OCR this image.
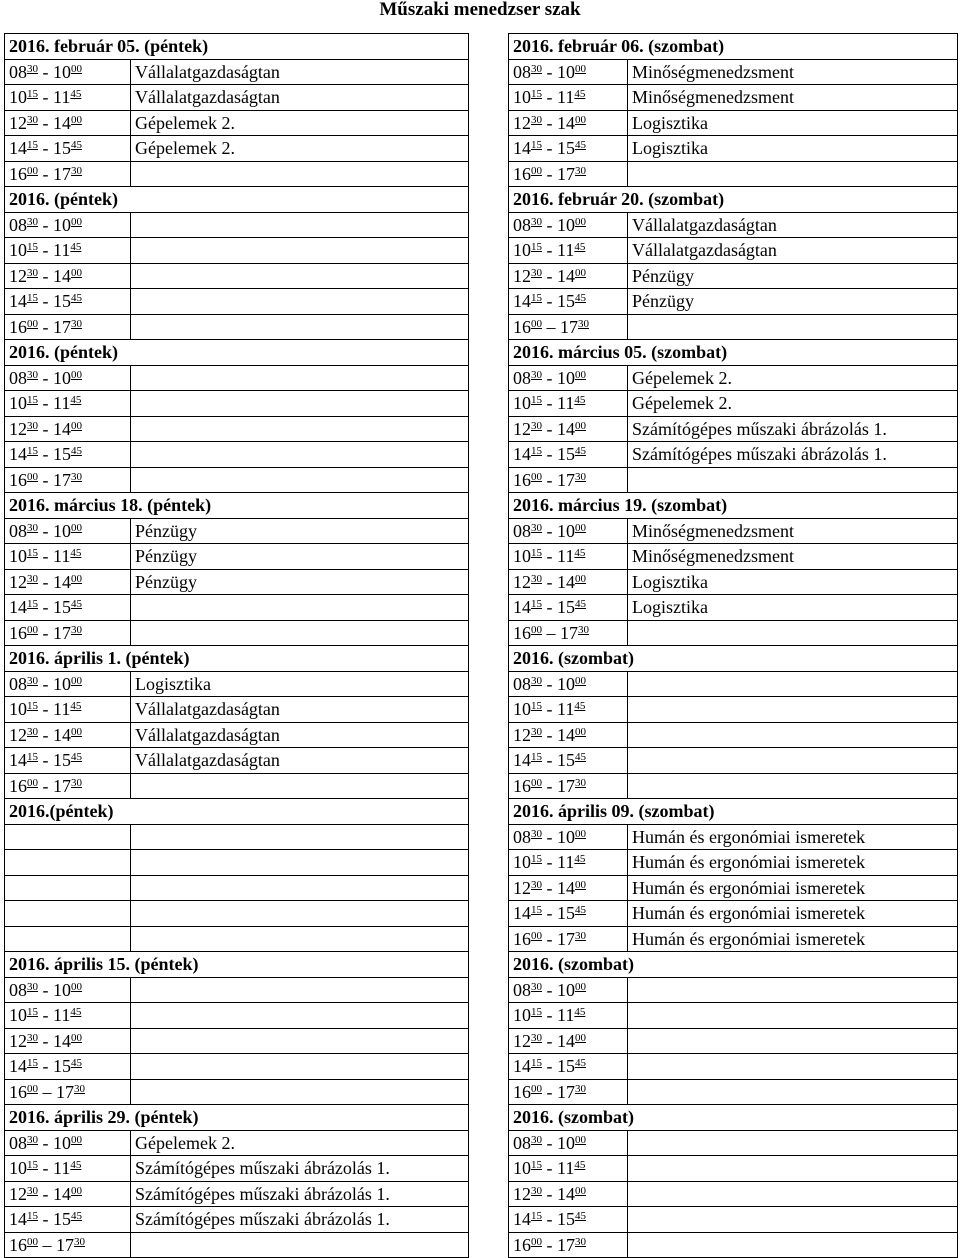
Műszaki menedzser szak
2016. február 05. (péntek)	
$08^{30} - 10^{00}$	Vállalatgazdaságtan
$10^{15} - 11^{45}$	Vállalatgazdaságtan
$12^{30} - 14^{00}$	Gépelemek 2.
$14^{15} - 15^{45}$	Gépelemek 2.
$16^{00} - 17^{30}$	
2016. (péntek)	
$08^{30} - 10^{00}$	
$10^{15} - 11^{45}$	
$12^{30} - 14^{00}$	
$14^{15} - 15^{45}$	
$16^{00} - 17^{30}$	
2016. (péntek)	
$08^{30} - 10^{00}$	
$10^{15} - 11^{45}$	
$12^{30} - 14^{00}$	
$14^{15} - 15^{45}$	
$16^{00} - 17^{30}$	
2016. március 18. (péntek)	
$08^{30} - 10^{00}$	Pénzügy
$10^{15} - 11^{45}$	Pénzügy
$12^{30} - 14^{00}$	Pénzügy
$14^{15} - 15^{45}$	
$16^{00} - 17^{30}$	
2016. április 1. (péntek)	
$08^{30} - 10^{00}$	Logisztika
$10^{15} - 11^{45}$	Vállalatgazdaságtan
$12^{30} - 14^{00}$	Vállalatgazdaságtan
$14^{15} - 15^{45}$	Vállalatgazdaságtan
$16^{00} - 17^{30}$	
2016.(péntek)	

2016. április 15. (péntek)	
$08^{30} - 10^{00}$	
$10^{15} - 11^{45}$	
$12^{30} - 14^{00}$	
$14^{15} - 15^{45}$	
$16^{00} - 17^{30}$	
2016. április 29. (péntek)	
$08^{30} - 10^{00}$	Gépelemek 2.
$10^{15} - 11^{45}$	Számítógépes műszaki ábrázolás 1.
$12^{30} - 14^{00}$	Számítógépes műszaki ábrázolás 1.
$14^{15} - 15^{45}$	Számítógépes műszaki ábrázolás 1.
$16^{00} - 17^{30}$	
2016. február 06. (szombat)	
$08^{30} - 10^{00}$	Minőségmenedzsment
$10^{15} - 11^{45}$	Minőségmenedzsment
$12^{30} - 14^{00}$	Logisztika
$14^{15} - 15^{45}$	Logisztika
$16^{00} - 17^{30}$	
2016. február 20. (szombat)	
$08^{30} - 10^{00}$	Vállalatgazdaságtan
$10^{15} - 11^{45}$	Vállalatgazdaságtan
$12^{30} - 14^{00}$	Pénzügy
$14^{15} - 15^{45}$	Pénzügy
$16^{00} - 17^{30}$	
2016. március 05. (szombat)	
$08^{30} - 10^{00}$	Gépelemek 2.
$10^{15} - 11^{45}$	Gépelemek 2.
$12^{30} - 14^{00}$	Számítógépes műszaki ábrázolás 1.
$14^{15} - 15^{45}$	Számítógépes műszaki ábrázolás 1.
$16^{00} - 17^{30}$	
2016. március 19. (szombat)	
$08^{30} - 10^{00}$	Minőségmenedzsment
$10^{15} - 11^{45}$	Minőségmenedzsment
$12^{30} - 14^{00}$	Logisztika
$14^{15} - 15^{45}$	Logisztika
$16^{00} - 17^{30}$	
2016. (szombat)	
$08^{30} - 10^{00}$	
$10^{15} - 11^{45}$	
$12^{30} - 14^{00}$	
$14^{15} - 15^{45}$	
$16^{00} - 17^{30}$	
2016. április 09. (szombat)	
$08^{30} - 10^{00}$	Humán és ergonómiai ismeretek
$10^{15} - 11^{45}$	Humán és ergonómiai ismeretek
$12^{30} - 14^{00}$	Humán és ergonómiai ismeretek
$14^{15} - 15^{45}$	Humán és ergonómiai ismeretek
$16^{00} - 17^{30}$	Humán és ergonómiai ismeretek
2016. (szombat)	
$08^{30} - 10^{00}$	
$10^{15} - 11^{45}$	
$12^{30} - 14^{00}$	
$14^{15} - 15^{45}$	
$16^{00} - 17^{30}$	
2016. (szombat)	
$08^{30} - 10^{00}$	
$10^{15} - 11^{45}$	
$12^{30} - 14^{00}$	
$14^{15} - 15^{45}$	
$16^{00} - 17^{30}$	
